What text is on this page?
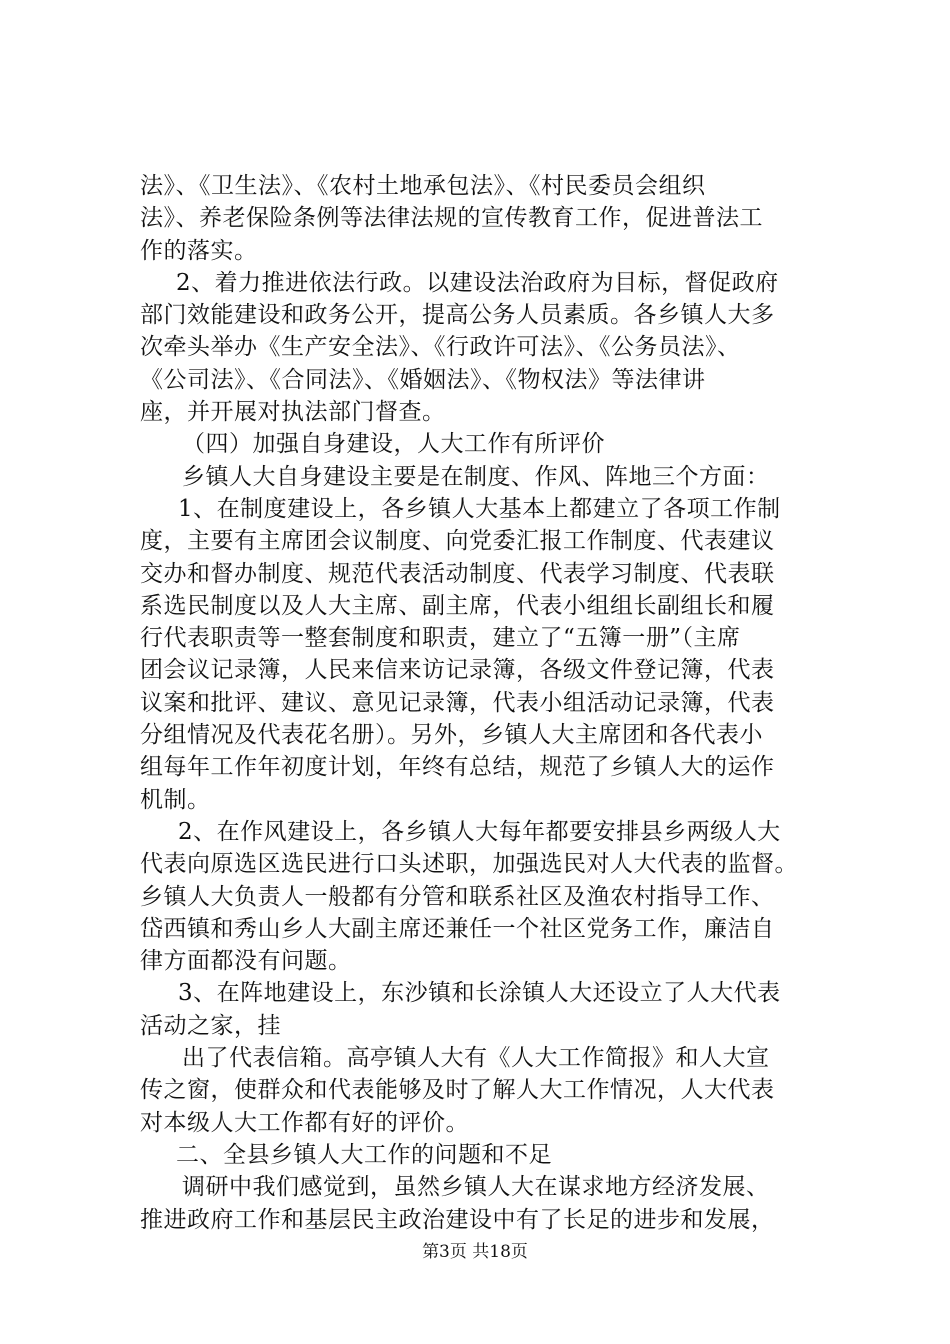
法》、《卫生法》、《农村土地承包法》、《村民委员会组织
法》、养老保险条例等法律法规的宣传教育工作，促进普法工
作的落实。
2、着力推进依法行政。以建设法治政府为目标，督促政府
部门效能建设和政务公开，提高公务人员素质。各乡镇人大多
次牵头举办《生产安全法》、《行政许可法》、《公务员法》、
《公司法》、《合同法》、《婚姻法》、《物权法》等法律讲
座，并开展对执法部门督查。
（四）加强自身建设，人大工作有所评价
乡镇人大自身建设主要是在制度、作风、阵地三个方面：
1、在制度建设上，各乡镇人大基本上都建立了各项工作制
度，主要有主席团会议制度、向党委汇报工作制度、代表建议
交办和督办制度、规范代表活动制度、代表学习制度、代表联
系选民制度以及人大主席、副主席，代表小组组长副组长和履
行代表职责等一整套制度和职责，建立了“五簿一册”（主席
团会议记录簿，人民来信来访记录簿，各级文件登记簿，代表
议案和批评、建议、意见记录簿，代表小组活动记录簿，代表
分组情况及代表花名册）。另外，乡镇人大主席团和各代表小
组每年工作年初度计划，年终有总结，规范了乡镇人大的运作
机制。
2、在作风建设上，各乡镇人大每年都要安排县乡两级人大
代表向原选区选民进行口头述职，加强选民对人大代表的监督。
乡镇人大负责人一般都有分管和联系社区及渔农村指导工作、
岱西镇和秀山乡人大副主席还兼任一个社区党务工作，廉洁自
律方面都没有问题。
3、在阵地建设上，东沙镇和长涂镇人大还设立了人大代表
活动之家，挂
出了代表信箱。高亭镇人大有《人大工作简报》和人大宣
传之窗，使群众和代表能够及时了解人大工作情况，人大代表
对本级人大工作都有好的评价。
二、全县乡镇人大工作的问题和不足
调研中我们感觉到，虽然乡镇人大在谋求地方经济发展、
推进政府工作和基层民主政治建设中有了长足的进步和发展，
第3页 共18页
